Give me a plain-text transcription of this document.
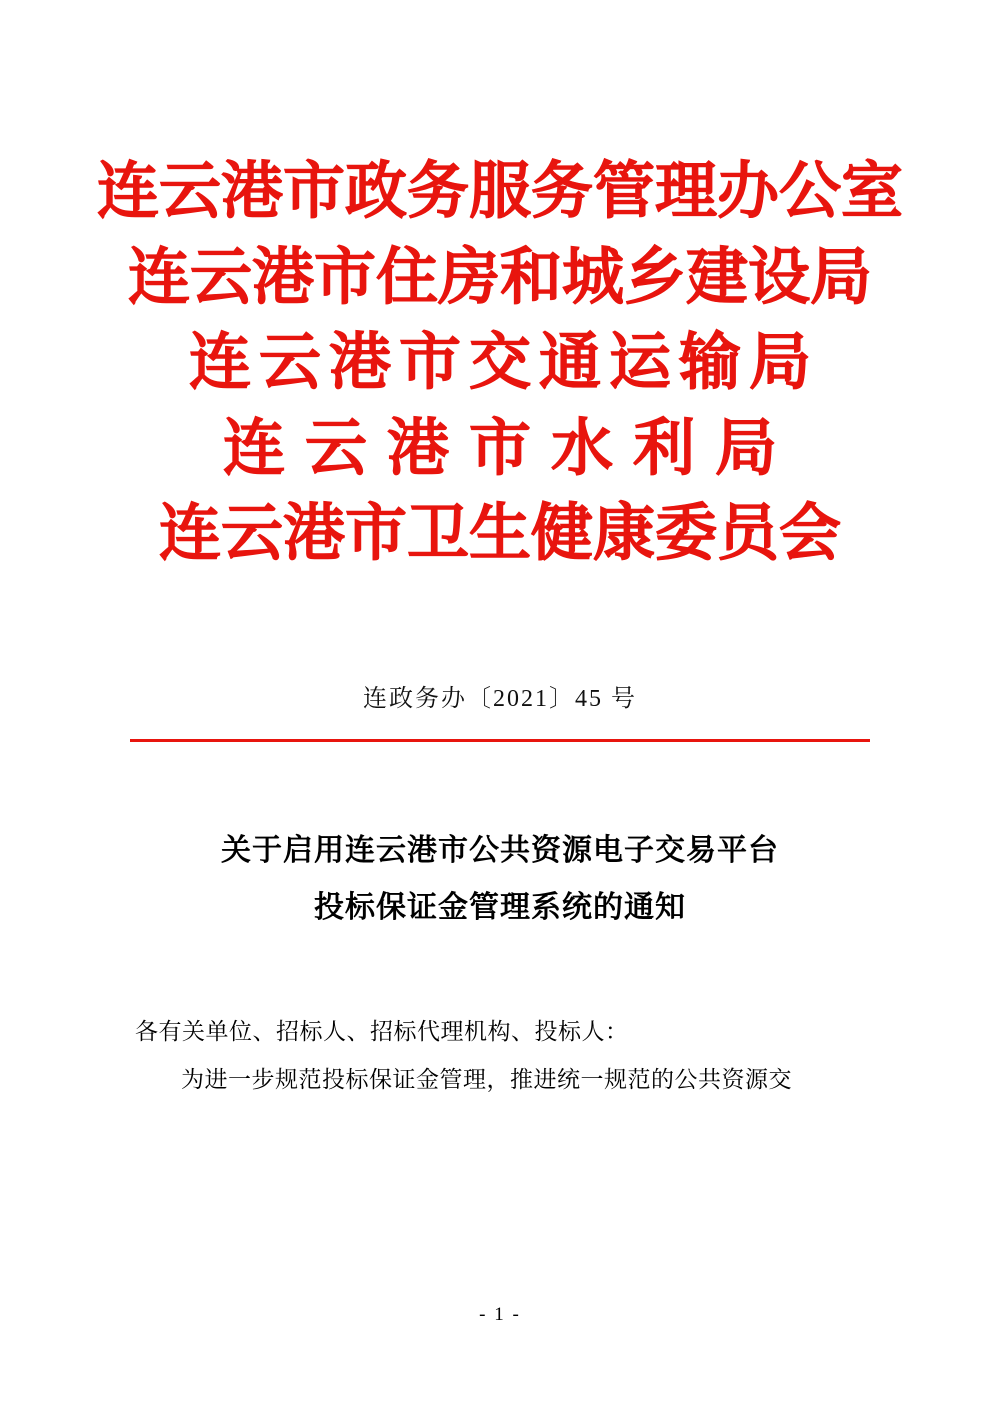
连云港市政务服务管理办公室
连云港市住房和城乡建设局
连云港市交通运输局
连云港市水利局
连云港市卫生健康委员会
连政务办〔2021〕45 号
关于启用连云港市公共资源电子交易平台
投标保证金管理系统的通知
各有关单位、招标人、招标代理机构、投标人：
为进一步规范投标保证金管理，推进统一规范的公共资源交
- 1 -
